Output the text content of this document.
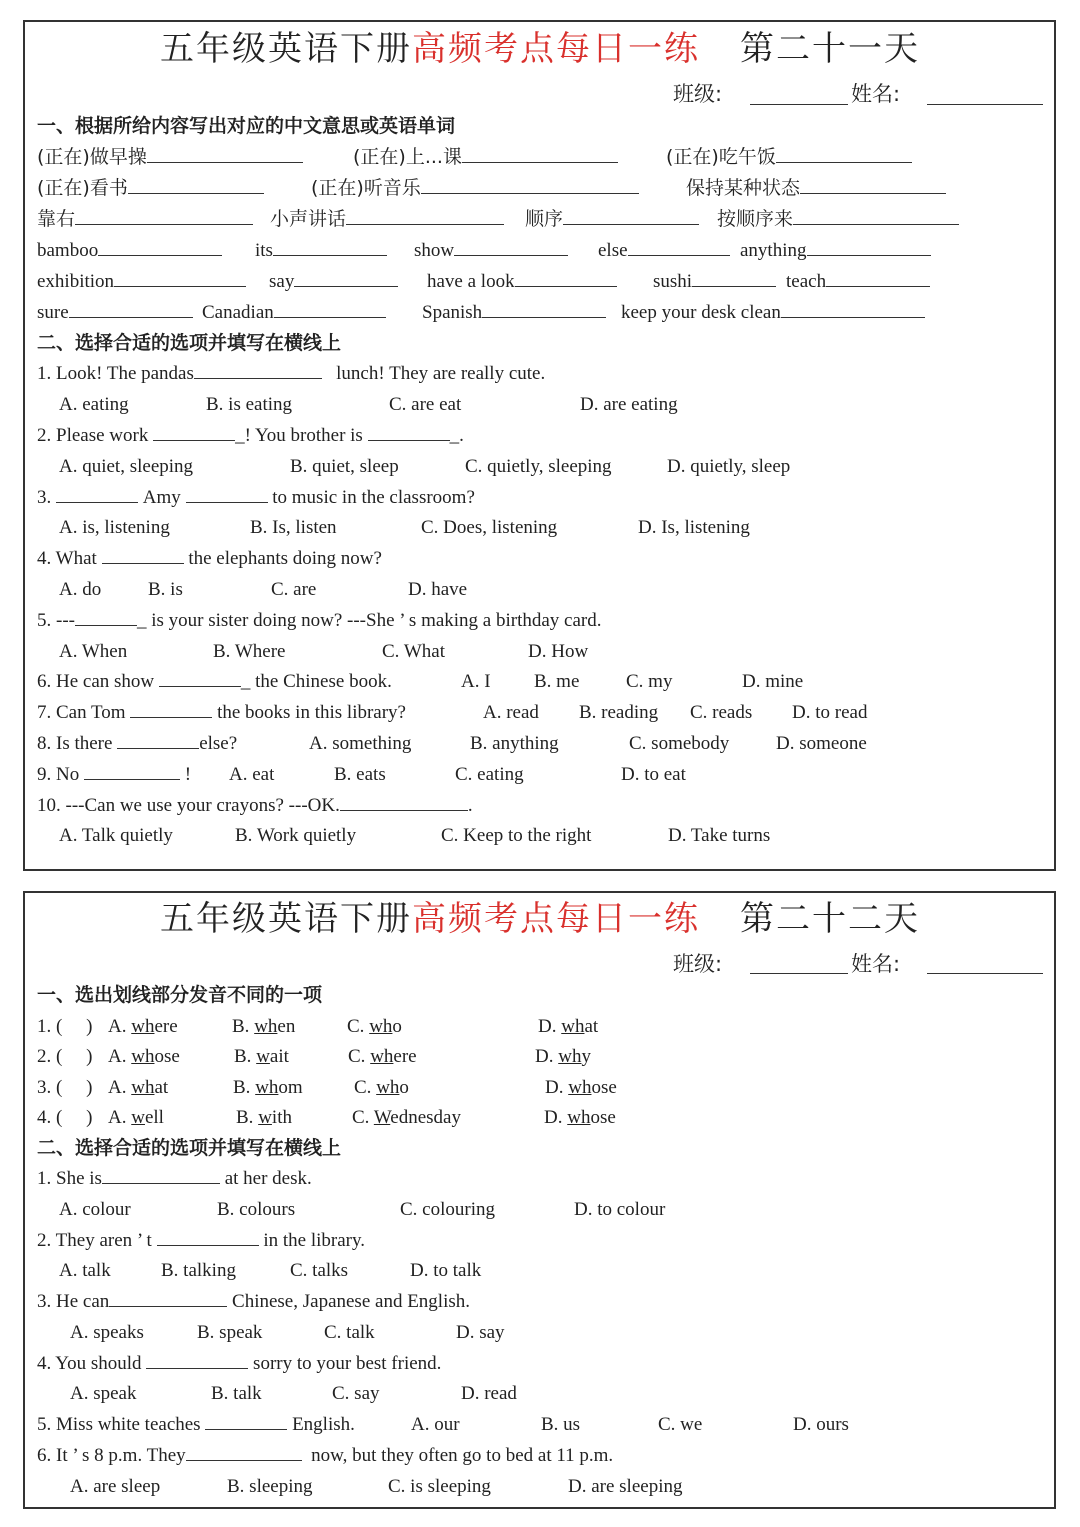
五年级英语下册高频考点每日一练 第二十一天
班级:	姓名:
一、根据所给内容写出对应的中文意思或英语单词
(正在)做早操	(正在)上...课	(正在)吃午饭
(正在)看书	(正在)听音乐	保持某种状态
靠右	小声讲话	顺序	按顺序来
bamboo	its	show	else	anything
exhibition	say	have a look	sushi	teach
sure	Canadian	Spanish	keep your desk clean
二、选择合适的选项并填写在横线上
1. Look! The pandas	lunch! They are really cute.
A. eating	B. is eating	C. are eat	D. are eating
2. Please work	_! You brother is	_.
A. quiet, sleeping	B. quiet, sleep	C. quietly, sleeping	D. quietly, sleep
3.	Amy	to music in the classroom?
A. is, listening	B. Is, listen	C. Does, listening	D. Is, listening
4. What	the elephants doing now?
A. do B. is	C. are	D. have
5. ---	_ is your sister doing now? ---She ’ s making a birthday card.
A. When	B. Where	C. What	D. How
6. He can show	_ the Chinese book.	A. I B. me C. my	D. mine
7. Can Tom	the books in this library?	A. read B. reading C. reads D. to read
8. Is there	else?	A. something	B. anything	C. somebody D. someone
9. No	! A. eat	B. eats	C. eating	D. to eat
10. ---Can we use your crayons? ---OK.	.
A. Talk quietly	B. Work quietly	C. Keep to the right	D. Take turns
五年级英语下册高频考点每日一练 第二十二天
班级:	姓名:
一、选出划线部分发音不同的一项
1. (     ) A. where	B. when	C. who	D. what
2. (     ) A. whose	B. wait	C. where	D. why
3. (     ) A. what	B. whom	C. who	D. whose
4. (     ) A. well	B. with	C. Wednesday	D. whose
二、选择合适的选项并填写在横线上
1. She is	at her desk.
A. colour	B. colours	C. colouring	D. to colour
2. They aren ’ t	in the library.
A. talk	B. talking	C. talks	D. to talk
3. He can	Chinese, Japanese and English.
A. speaks	B. speak	C. talk	D. say
4. You should	sorry to your best friend.
A. speak	B. talk	C. say	D. read
5. Miss white teaches	English.	A. our	B. us	C. we	D. ours
6. It ’ s 8 p.m. They	now, but they often go to bed at 11 p.m.
A. are sleep	B. sleeping	C. is sleeping	D. are sleeping
